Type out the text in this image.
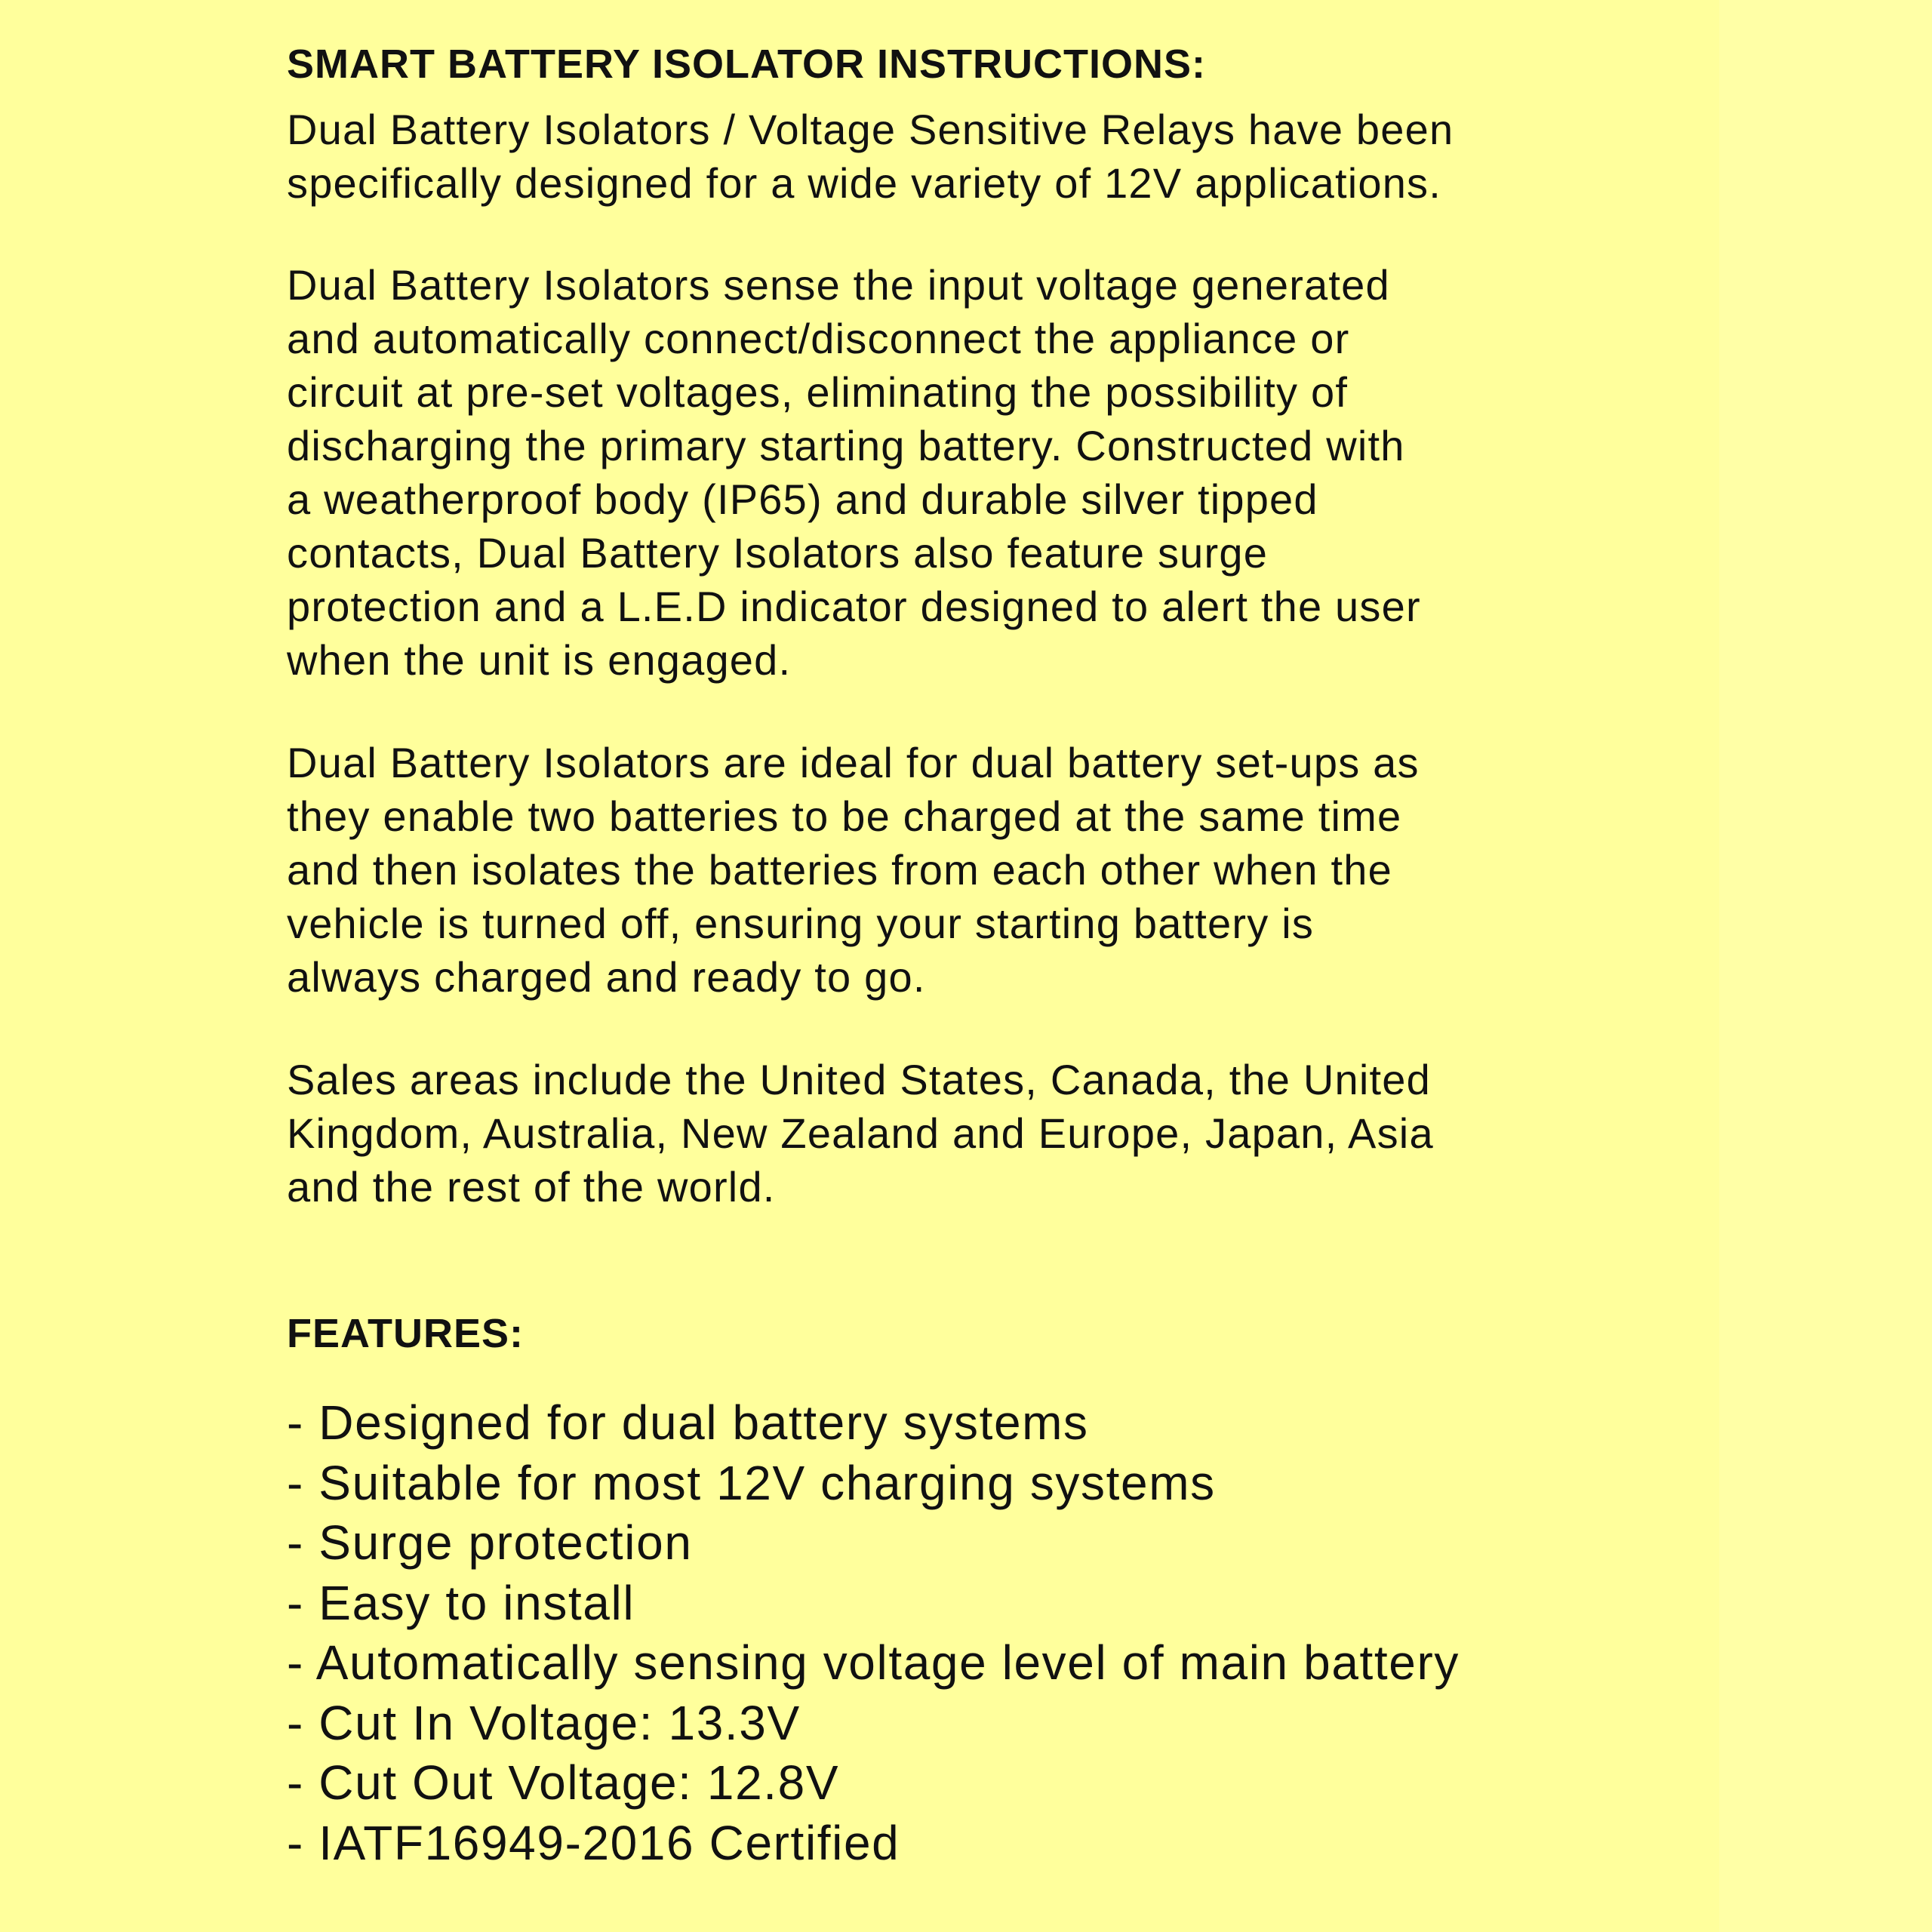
SMART BATTERY ISOLATOR INSTRUCTIONS:

Dual Battery Isolators / Voltage Sensitive Relays have been
specifically designed for a wide variety of 12V applications.

Dual Battery Isolators sense the input voltage generated
and automatically connect/disconnect the appliance or
circuit at pre-set voltages, eliminating the possibility of
discharging the primary starting battery. Constructed with
a weatherproof body (IP65) and durable silver tipped
contacts, Dual Battery Isolators also feature surge
protection and a L.E.D indicator designed to alert the user
when the unit is engaged.

Dual Battery Isolators are ideal for dual battery set-ups as
they enable two batteries to be charged at the same time
and then isolates the batteries from each other when the
vehicle is turned off, ensuring your starting battery is
always charged and ready to go.

Sales areas include the United States, Canada, the United
Kingdom, Australia, New Zealand and Europe, Japan, Asia
and the rest of the world.

FEATURES:
- Designed for dual battery systems
- Suitable for most 12V charging systems
- Surge protection
- Easy to install
- Automatically sensing voltage level of main battery
- Cut In Voltage: 13.3V
- Cut Out Voltage: 12.8V
- IATF16949-2016 Certified
